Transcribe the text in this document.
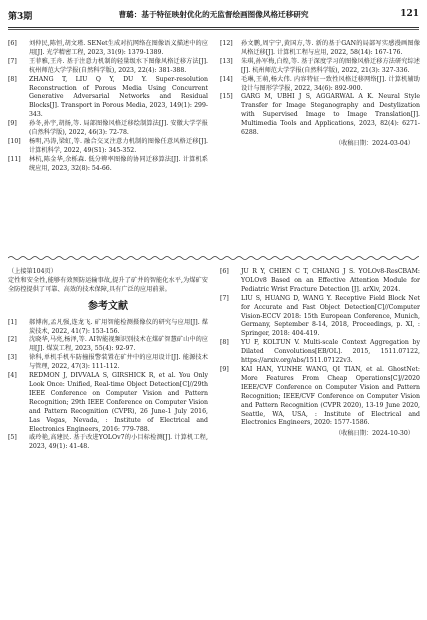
第3期	曹璐：基于特征映射优化的无监督绘画图像风格迁移研究	121
[6] 刘仲民,陈恒,胡文瑾. SENet生成对抗网络在图像语义描述中的应用[J]. 光学精密工程, 2023, 31(9): 1379-1389.
[7] 王菲雅,王舟. 基于注意力机制的轻量级水下图像风格迁移方法[J]. 杭州师范大学学报(自然科学版), 2023, 22(4): 381-388.
[8] ZHANG T, LIU Q Y, DU Y. Super-resolution Reconstruction of Porous Media Using Concurrent Generative Adversarial Networks and Residual Blocks[J]. Transport in Porous Media, 2023, 149(1): 299-343.
[9] 孙冬,孙宇,胡扬,等. 局部图像风格迁移绘制算法[J]. 安徽大学学报(自然科学版), 2022, 46(3): 72-78.
[10] 杨明,冯涛,梁虹,等. 融合交叉注意力机制的图像任意风格迁移[J]. 计算机科学, 2022, 49(S1): 345-352.
[11] 林杭,陈金华,余栎森. 低分辨率图像的协同迁移算法[J]. 计算机系统应用, 2023, 32(8): 54-66.
[12] 孙文鹏,周宁宁,黄国方,等. 新的基于GAN的局部写实感漫画图像风格迁移[J]. 计算机工程与应用, 2022, 58(14): 167-176.
[13] 朱琪,孙军梅,白煌,等. 基于深度学习的图像风格迁移方法研究综述[J]. 杭州师范大学学报(自然科学版), 2022, 21(3): 327-336.
[14] 毛琳,王萌,杨大伟. 内容特征一致性风格迁移网络[J]. 计算机辅助设计与图形学学报, 2022, 34(6): 892-900.
[15] GARG M, UBHI J S, AGGARWAL A K. Neural Style Transfer for Image Steganography and Destylization with Supervised Image to Image Translation[J]. Multimedia Tools and Applications, 2023, 82(4): 6271-6288.
（收稿日期：2024-03-04）
（上接第104页）
定性和安全性,能够有效预防运输事故,提升了矿井的智能化水平,为煤矿安全防控提供了可靠、高效的技术保障,具有广泛的应用前景。
参考文献
[1] 郝博南,孟凡强,连龙飞. 矿用智能检测摄像仪的研究与应用[J]. 煤炭技术, 2022, 41(7): 153-156.
[2] 沈晓华,马亮,杨泽,等. AI智能视频识别技术在煤矿智慧矿山中的应用[J]. 煤炭工程, 2023, 55(4): 92-97.
[3] 徐科,单机手机车防撞报警装置在矿井中的应用设计[J]. 能源技术与管理, 2022, 47(3): 111-112.
[4] REDMON J, DIVVALA S, GIRSHICK R, et al. You Only Look Once: Unified, Real-time Object Detection[C]//29th IEEE Conference on Computer Vision and Pattern Recognition; 29th IEEE Conference on Computer Vision and Pattern Recognition (CVPR), 26 June-1 July 2016, Las Vegas, Nevada, : Institute of Electrical and Electronics Engineers, 2016: 779-788.
[5] 戚玲艳,高建民. 基于改进YOLOv7的小目标检测[J]. 计算机工程, 2023, 49(1): 41-48.
[6] JU R Y, CHIEN C T, CHIANG J S. YOLOv8-ResCBAM: YOLOv8 Based on an Effective Attention Module for Pediatric Wrist Fracture Detection [J]. arXiv, 2024.
[7] LIU S, HUANG D, WANG Y. Receptive Field Block Net for Accurate and Fast Object Detection[C]//Computer Vision-ECCV 2018: 15th European Conference, Munich, Germany, September 8-14, 2018, Proceedings, p. XI, : Springer, 2018: 404-419.
[8] YU F, KOLTUN V. Multi-scale Context Aggregation by Dilated Convolutions[EB/OL]. 2015, 1511.07122, https://arxiv.org/abs/1511.07122v3.
[9] KAI HAN, YUNHE WANG, QI TIAN, et al. GhostNet: More Features From Cheap Operations[C]//2020 IEEE/CVF Conference on Computer Vision and Pattern Recognition; IEEE/CVF Conference on Computer Vision and Pattern Recognition (CVPR 2020), 13-19 June 2020, Seattle, WA, USA, : Institute of Electrical and Electronics Engineers, 2020: 1577-1586.
（收稿日期：2024-10-30）
